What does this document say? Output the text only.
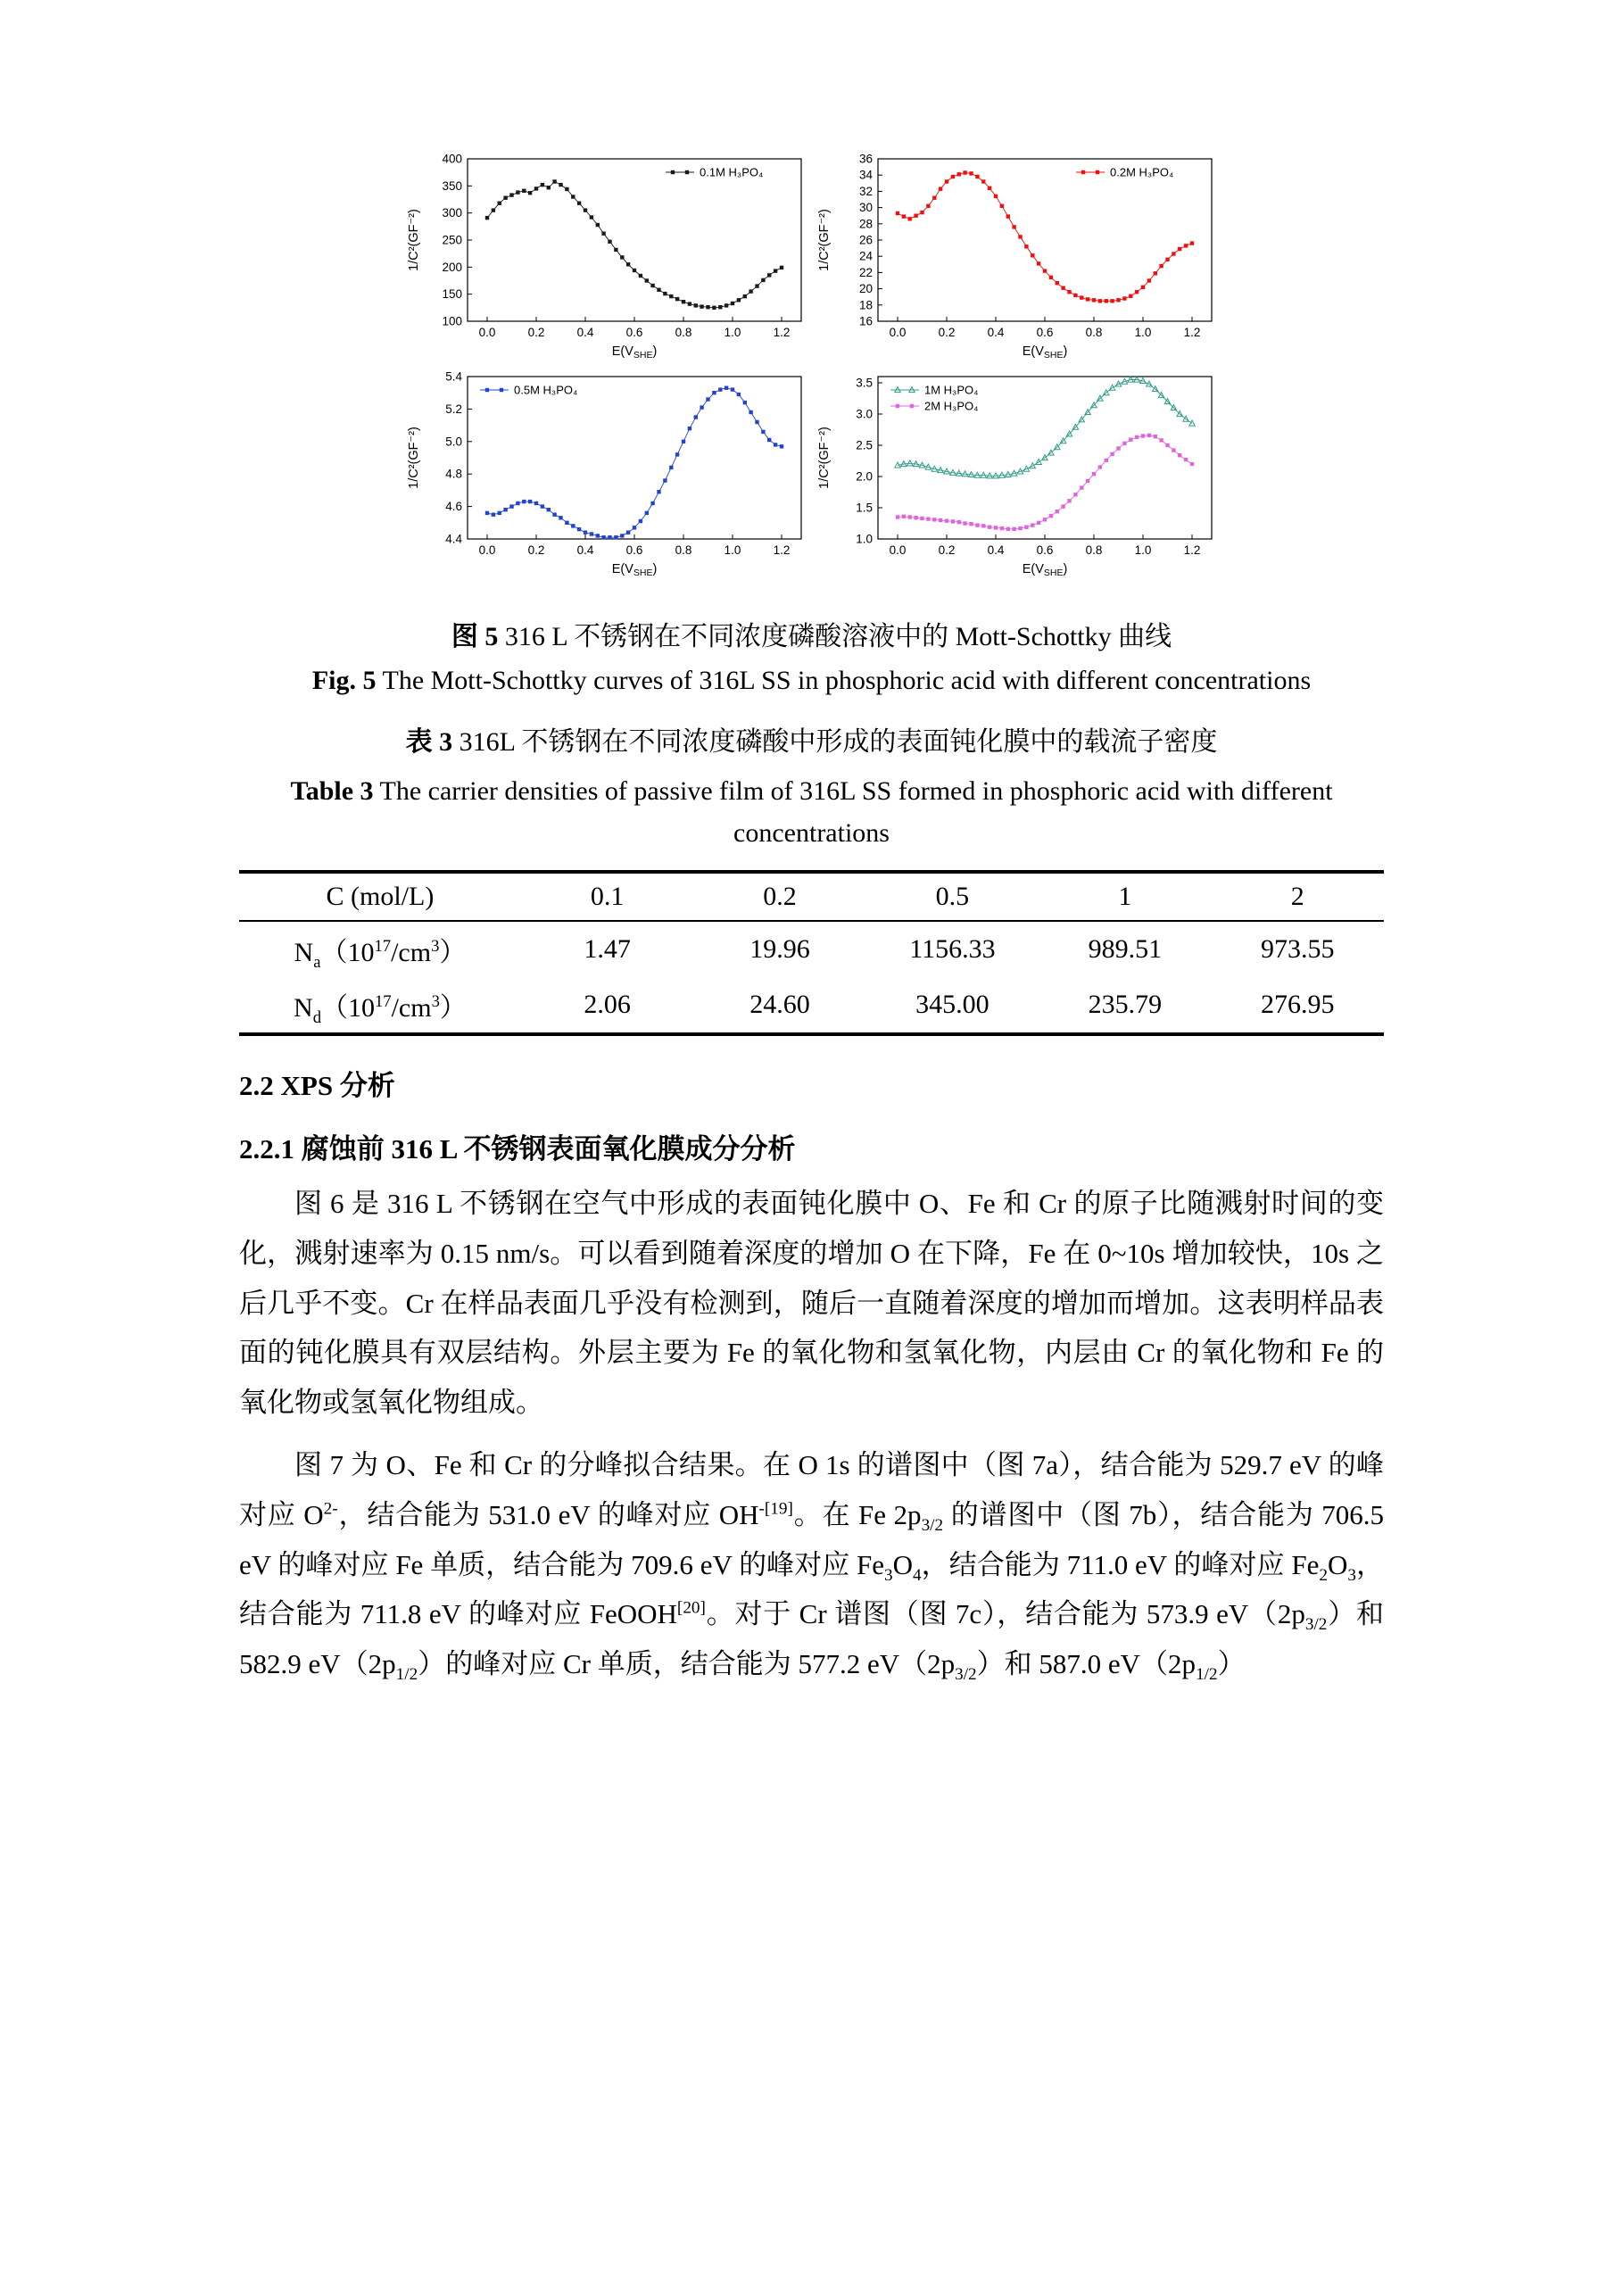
100
150
200
250
300
350
400
0.0	0.2	0.4	0.6	0.8	1.0	1.2
1/C²(GF⁻²)
$E(V_{SHE})$
0.1M H₃PO₄
16
18
20
22
24
26
28
30
32
34
36
0.0	0.2	0.4	0.6	0.8	1.0	1.2
1/C²(GF⁻²)
$E(V_{SHE})$
0.2M H₃PO₄
4.4
4.6
4.8
5.0
5.2
5.4
0.0	0.2	0.4	0.6	0.8	1.0	1.2
1/C²(GF⁻²)
$E(V_{SHE})$
0.5M H₃PO₄
1.0
1.5
2.0
2.5
3.0
3.5
0.0	0.2	0.4	0.6	0.8	1.0	1.2
1/C²(GF⁻²)
$E(V_{SHE})$
1M H₃PO₄
2M H₃PO₄

图 5 316 L 不锈钢在不同浓度磷酸溶液中的 Mott-Schottky 曲线

Fig. 5 The Mott-Schottky curves of 316L SS in phosphoric acid with different concentrations

表 3 316L 不锈钢在不同浓度磷酸中形成的表面钝化膜中的载流子密度

Table 3 The carrier densities of passive film of 316L SS formed in phosphoric acid with different
concentrations

C (mol/L)	0.1	0.2	0.5	1	2
$N_a(10^{17}/cm^3)$	1.47	19.96	1156.33	989.51	973.55
$N_d(10^{17}/cm^3)$	2.06	24.60	345.00	235.79	276.95
2.2 XPS 分析
2.2.1 腐蚀前 316 L 不锈钢表面氧化膜成分分析

图 6 是 316 L 不锈钢在空气中形成的表面钝化膜中 O、Fe 和 Cr 的原子比随溅射时间的变化，溅射速率为 0.15 nm/s。可以看到随着深度的增加 O 在下降，Fe 在 0~10s 增加较快，10s 之后几乎不变。Cr 在样品表面几乎没有检测到，随后一直随着深度的增加而增加。这表明样品表面的钝化膜具有双层结构。外层主要为 Fe 的氧化物和氢氧化物，内层由 Cr 的氧化物和 Fe 的氧化物或氢氧化物组成。

图 7 为 O、Fe 和 Cr 的分峰拟合结果。在 O 1s 的谱图中（图 7a），结合能为 529.7 eV 的峰对应 $O^{2-}$，结合能为 531.0 eV 的峰对应 $OH^{-[19]}$。在 Fe $2p_{3/2}$ 的谱图中（图 7b），结合能为 706.5 eV 的峰对应 Fe 单质，结合能为 709.6 eV 的峰对应 $Fe_3O_4$，结合能为 711.0 eV 的峰对应 $Fe_2O_3$，结合能为 711.8 eV 的峰对应 FeOOH[20]。对于 Cr 谱图（图 7c），结合能为 573.9 $eV(2p_{3/2})$和 582.9 $eV(2p_{1/2})$的峰对应 Cr 单质，结合能为 577.2 $eV(2p_{3/2})$和 587.0 $eV(2p_{1/2})$
